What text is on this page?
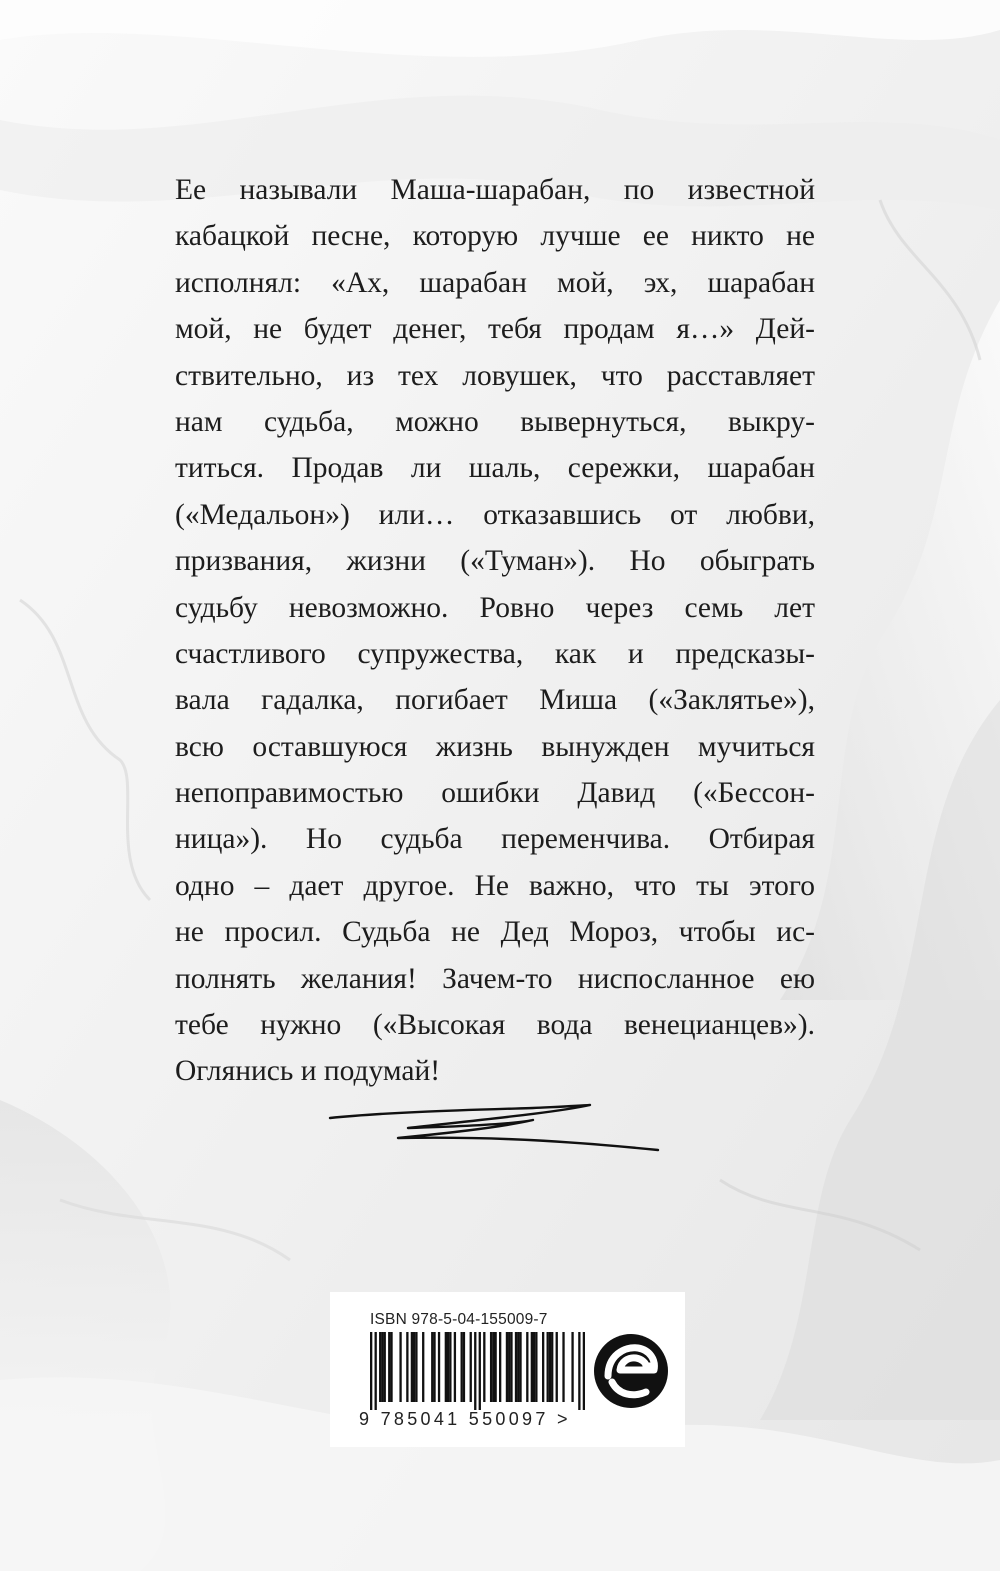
Ее называли Маша-шарабан, по известной
кабацкой песне, которую лучше ее никто не
исполнял: «Ах, шарабан мой, эх, шарабан
мой, не будет денег, тебя продам я…» Дей-
ствительно, из тех ловушек, что расставляет
нам судьба, можно вывернуться, выкру-
титься. Продав ли шаль, сережки, шарабан
(«Медальон») или… отказавшись от любви,
призвания, жизни («Туман»). Но обыграть
судьбу невозможно. Ровно через семь лет
счастливого супружества, как и предсказы-
вала гадалка, погибает Миша («Заклятье»),
всю оставшуюся жизнь вынужден мучиться
непоправимостью ошибки Давид («Бессон-
ница»). Но судьба переменчива. Отбирая
одно – дает другое. Не важно, что ты этого
не просил. Судьба не Дед Мороз, чтобы ис-
полнять желания! Зачем-то ниспосланное ею
тебе нужно («Высокая вода венецианцев»).
Оглянись и подумай!
ISBN 978-5-04-155009-7
9 785041 550097 >
